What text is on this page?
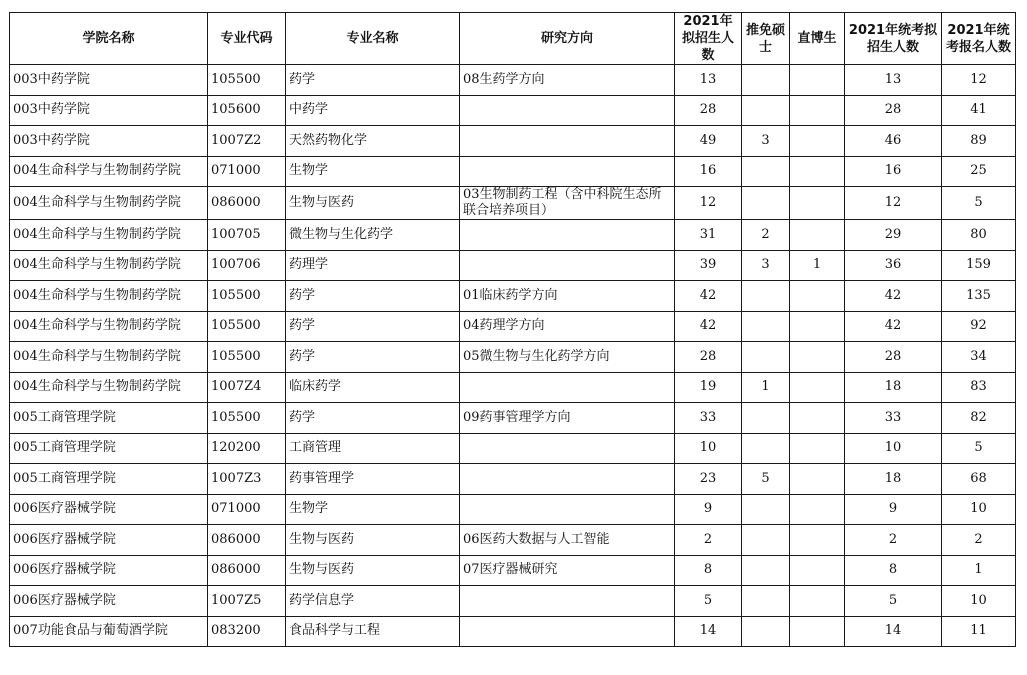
学院名称	专业代码	专业名称	研究方向	2021年拟招生人数	推免硕士	直博生	2021年统考拟招生人数	2021年统考报名人数
003中药学院	105500	药学	08生药学方向	13			13	12
003中药学院	105600	中药学		28			28	41
003中药学院	1007Z2	天然药物化学		49	3		46	89
004生命科学与生物制药学院	071000	生物学		16			16	25
004生命科学与生物制药学院	086000	生物与医药	03生物制药工程（含中科院生态所联合培养项目）	12			12	5
004生命科学与生物制药学院	100705	微生物与生化药学		31	2		29	80
004生命科学与生物制药学院	100706	药理学		39	3	1	36	159
004生命科学与生物制药学院	105500	药学	01临床药学方向	42			42	135
004生命科学与生物制药学院	105500	药学	04药理学方向	42			42	92
004生命科学与生物制药学院	105500	药学	05微生物与生化药学方向	28			28	34
004生命科学与生物制药学院	1007Z4	临床药学		19	1		18	83
005工商管理学院	105500	药学	09药事管理学方向	33			33	82
005工商管理学院	120200	工商管理		10			10	5
005工商管理学院	1007Z3	药事管理学		23	5		18	68
006医疗器械学院	071000	生物学		9			9	10
006医疗器械学院	086000	生物与医药	06医药大数据与人工智能	2			2	2
006医疗器械学院	086000	生物与医药	07医疗器械研究	8			8	1
006医疗器械学院	1007Z5	药学信息学		5			5	10
007功能食品与葡萄酒学院	083200	食品科学与工程		14			14	11
